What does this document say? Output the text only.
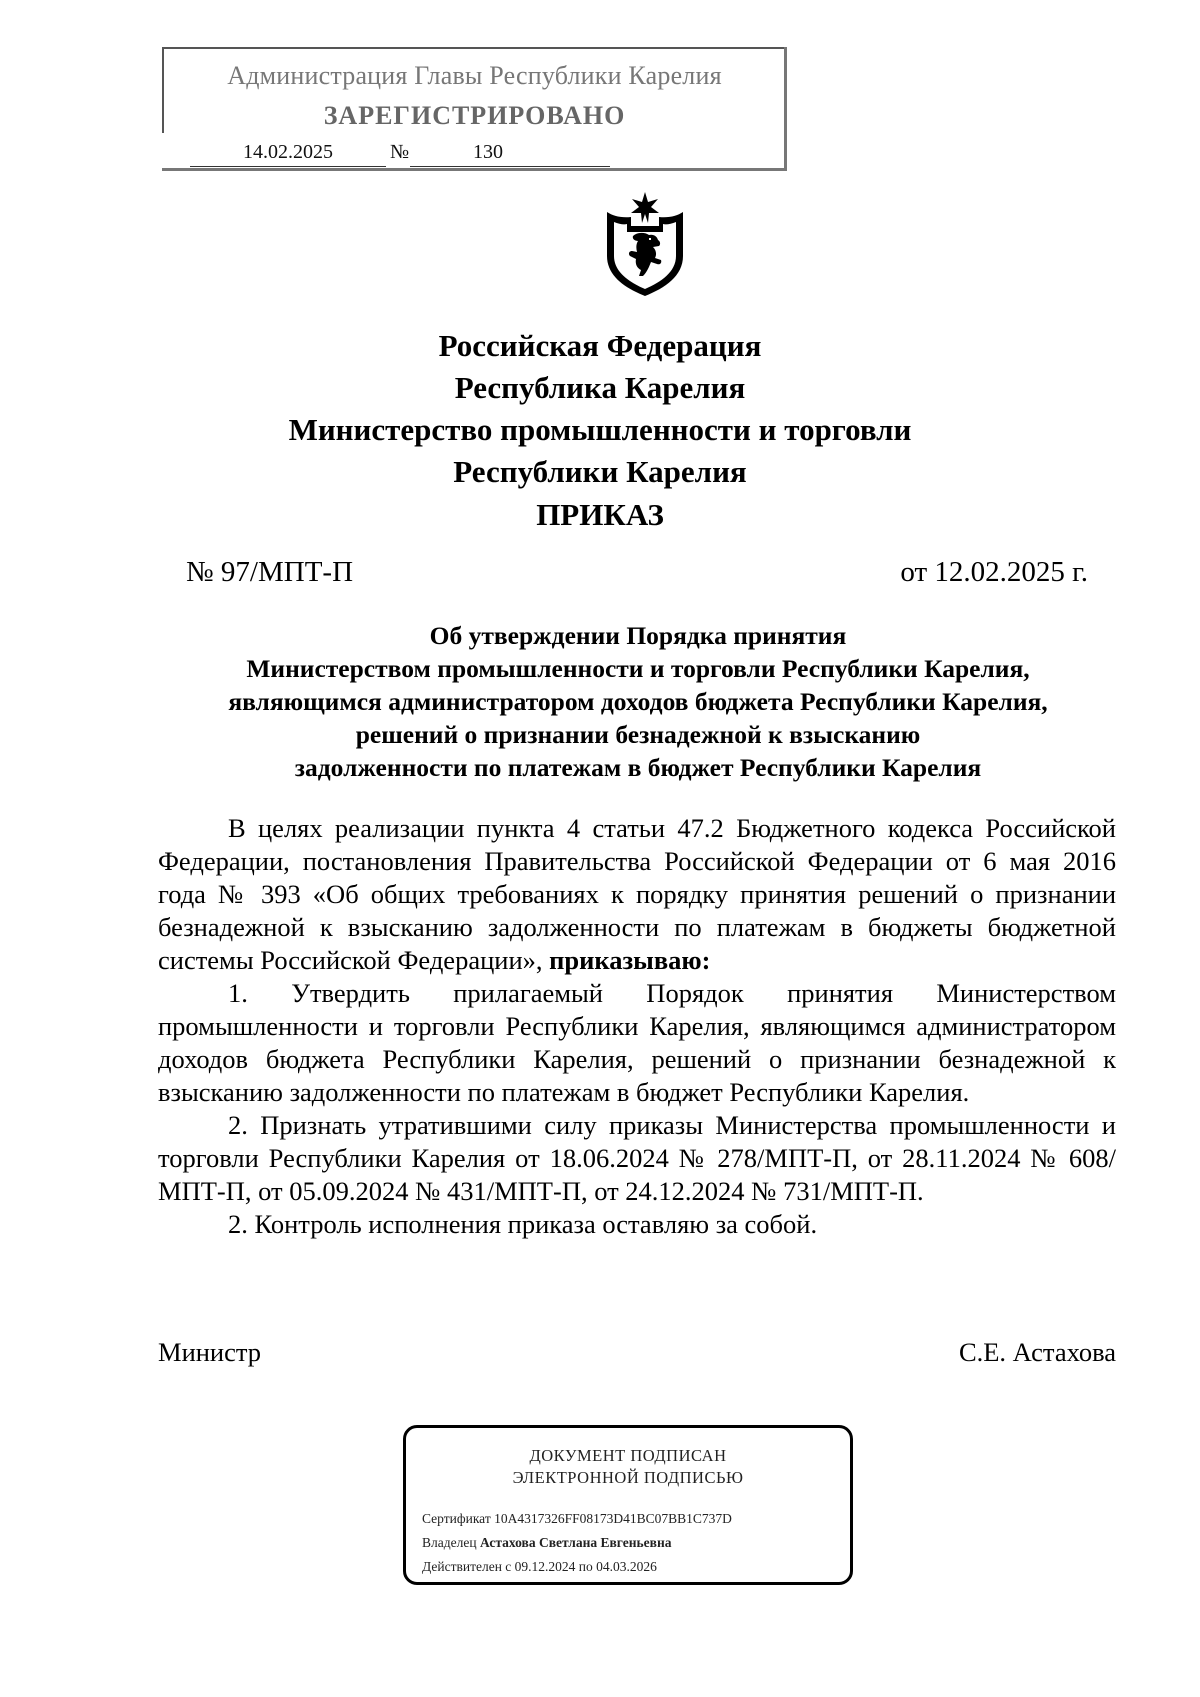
Администрация Главы Республики Карелия
ЗАРЕГИСТРИРОВАНО
14.02.2025	№	130
Российская Федерация
Республика Карелия
Министерство промышленности и торговли
Республики Карелия
ПРИКАЗ
№ 97/МПТ-П	от 12.02.2025 г.
Об утверждении Порядка принятия
Министерством промышленности и торговли Республики Карелия,
являющимся администратором доходов бюджета Республики Карелия,
решений о признании безнадежной к взысканию
задолженности по платежам в бюджет Республики Карелия

В целях реализации пункта 4 статьи 47.2 Бюджетного кодекса Российской Федерации, постановления Правительства Российской Федерации от 6 мая 2016 года № 393 «Об общих требованиях к порядку принятия решений о признании безнадежной к взысканию задолженности по платежам в бюджеты бюджетной системы Российской Федерации», приказываю:

1. Утвердить прилагаемый Порядок принятия Министерством промышленности и торговли Республики Карелия, являющимся администратором доходов бюджета Республики Карелия, решений о признании безнадежной к взысканию задолженности по платежам в бюджет Республики Карелия.

2. Признать утратившими силу приказы Министерства промышленности и торговли Республики Карелия от 18.06.2024 № 278/МПТ-П, от 28.11.2024 № 608/МПТ-П, от 05.09.2024 № 431/МПТ-П, от 24.12.2024 № 731/МПТ-П.

2. Контроль исполнения приказа оставляю за собой.

Министр	С.Е. Астахова
ДОКУМЕНТ ПОДПИСАН
ЭЛЕКТРОННОЙ ПОДПИСЬЮ
Сертификат 10A4317326FF08173D41BC07BB1C737D
Владелец Астахова Светлана Евгеньевна
Действителен с 09.12.2024 по 04.03.2026
